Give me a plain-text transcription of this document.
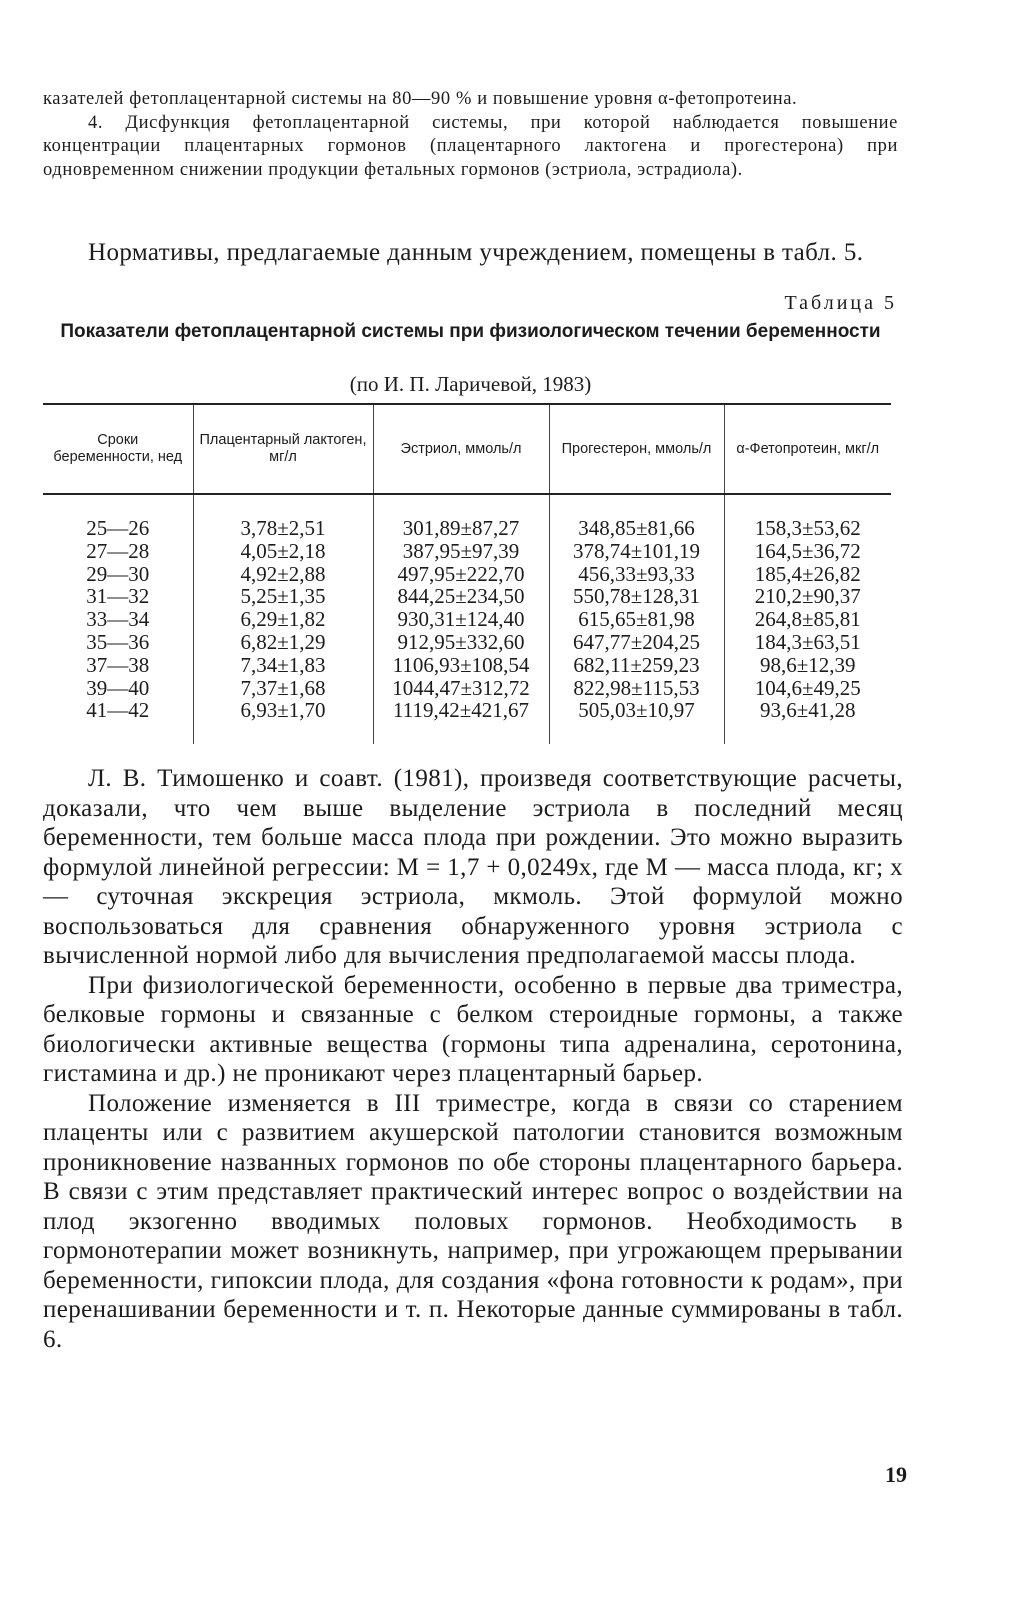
казателей фетоплацентарной системы на 80—90 % и повышение уровня α-фетопротеина.

4. Дисфункция фетоплацентарной системы, при которой наблюдается повышение концентрации плацентарных гормонов (плацентарного лактогена и прогестерона) при одновременном снижении продукции фетальных гормонов (эстриола, эстрадиола).

Нормативы, предлагаемые данным учреждением, помещены в табл. 5.

Таблица 5
Показатели фетоплацентарной системы при физиологическом течении беременности
(по И. П. Ларичевой, 1983)
Сроки беременности, нед	Плацентарный лактоген, мг/л	Эстриол, ммоль/л	Прогестерон, ммоль/л	α-Фетопротеин, мкг/л

25—26	3,78±2,51	301,89±87,27	348,85±81,66	158,3±53,62
27—28	4,05±2,18	387,95±97,39	378,74±101,19	164,5±36,72
29—30	4,92±2,88	497,95±222,70	456,33±93,33	185,4±26,82
31—32	5,25±1,35	844,25±234,50	550,78±128,31	210,2±90,37
33—34	6,29±1,82	930,31±124,40	615,65±81,98	264,8±85,81
35—36	6,82±1,29	912,95±332,60	647,77±204,25	184,3±63,51
37—38	7,34±1,83	1106,93±108,54	682,11±259,23	98,6±12,39
39—40	7,37±1,68	1044,47±312,72	822,98±115,53	104,6±49,25
41—42	6,93±1,70	1119,42±421,67	505,03±10,97	93,6±41,28

Л. В. Тимошенко и соавт. (1981), произведя соответствующие расчеты, доказали, что чем выше выделение эстриола в последний месяц беременности, тем больше масса плода при рождении. Это можно выразить формулой линейной регрессии: М = 1,7 + 0,0249х, где М — масса плода, кг; х — суточная экскреция эстриола, мкмоль. Этой формулой можно воспользоваться для сравнения обнаруженного уровня эстриола с вычисленной нормой либо для вычисления предполагаемой массы плода.

При физиологической беременности, особенно в первые два триместра, белковые гормоны и связанные с белком стероидные гормоны, а также биологически активные вещества (гормоны типа адреналина, серотонина, гистамина и др.) не проникают через плацентарный барьер.

Положение изменяется в III триместре, когда в связи со старением плаценты или с развитием акушерской патологии становится возможным проникновение названных гормонов по обе стороны плацентарного барьера. В связи с этим представляет практический интерес вопрос о воздействии на плод экзогенно вводимых половых гормонов. Необходимость в гормонотерапии может возникнуть, например, при угрожающем прерывании беременности, гипоксии плода, для создания «фона готовности к родам», при перенашивании беременности и т. п. Некоторые данные суммированы в табл. 6.

19
